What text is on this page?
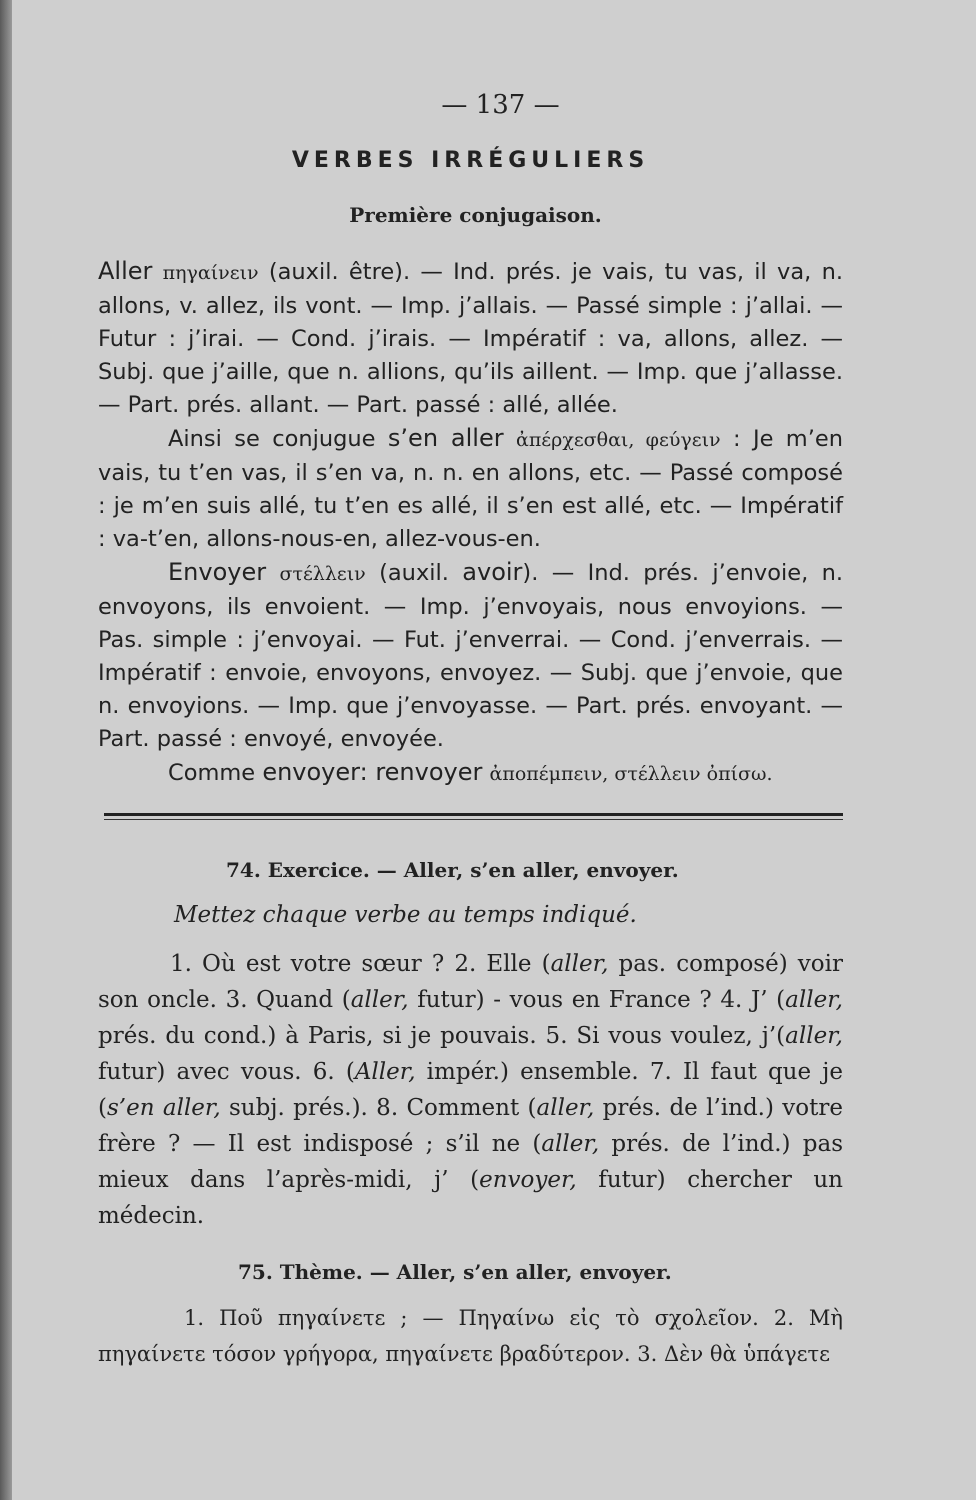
— 137 —
VERBES IRRÉGULIERS
Première conjugaison.

Aller πηγαίνειν (auxil. être). — Ind. prés. je vais, tu vas, il va, n. allons, v. allez, ils vont. — Imp. j’allais. — Passé simple : j’allai. — Futur : j’irai. — Cond. j’irais. — Impératif : va, allons, allez. — Subj. que j’aille, que n. allions, qu’ils aillent. — Imp. que j’allasse. — Part. prés. allant. — Part. passé : allé, allée.

Ainsi se conjugue s’en aller ἀπέρχεσθαι, φεύγειν : Je m’en vais, tu t’en vas, il s’en va, n. n. en allons, etc. — Passé composé : je m’en suis allé, tu t’en es allé, il s’en est allé, etc. — Impératif : va-t’en, allons-nous-en, allez-vous-en.

Envoyer στέλλειν (auxil. avoir). — Ind. prés. j’envoie, n. envoyons, ils envoient. — Imp. j’envoyais, nous envoyions. — Pas. simple : j’envoyai. — Fut. j’enverrai. — Cond. j’enverrais. — Impératif : envoie, envoyons, envoyez. — Subj. que j’envoie, que n. envoyions. — Imp. que j’envoyasse. — Part. prés. envoyant. — Part. passé : envoyé, envoyée.

Comme envoyer: renvoyer ἀποπέμπειν, στέλλειν ὀπίσω.

74. Exercice. — Aller, s’en aller, envoyer.
Mettez chaque verbe au temps indiqué.
1. Où est votre sœur ? 2. Elle (aller, pas. composé) voir son oncle. 3. Quand (aller, futur) - vous en France ? 4. J’ (aller, prés. du cond.) à Paris, si je pouvais. 5. Si vous voulez, j’(aller, futur) avec vous. 6. (Aller, impér.) ensemble. 7. Il faut que je (s’en aller, subj. prés.). 8. Comment (aller, prés. de l’ind.) votre frère ? — Il est indisposé ; s’il ne (aller, prés. de l’ind.) pas mieux dans l’après-midi, j’ (envoyer, futur) chercher un médecin.
75. Thème. — Aller, s’en aller, envoyer.
1. Ποῦ πηγαίνετε ; — Πηγαίνω εἰς τὸ σχολεῖον. 2. Μὴ πηγαίνετε τόσον γρήγορα, πηγαίνετε βραδύτερον. 3. Δὲν θὰ ὑπάγετε
